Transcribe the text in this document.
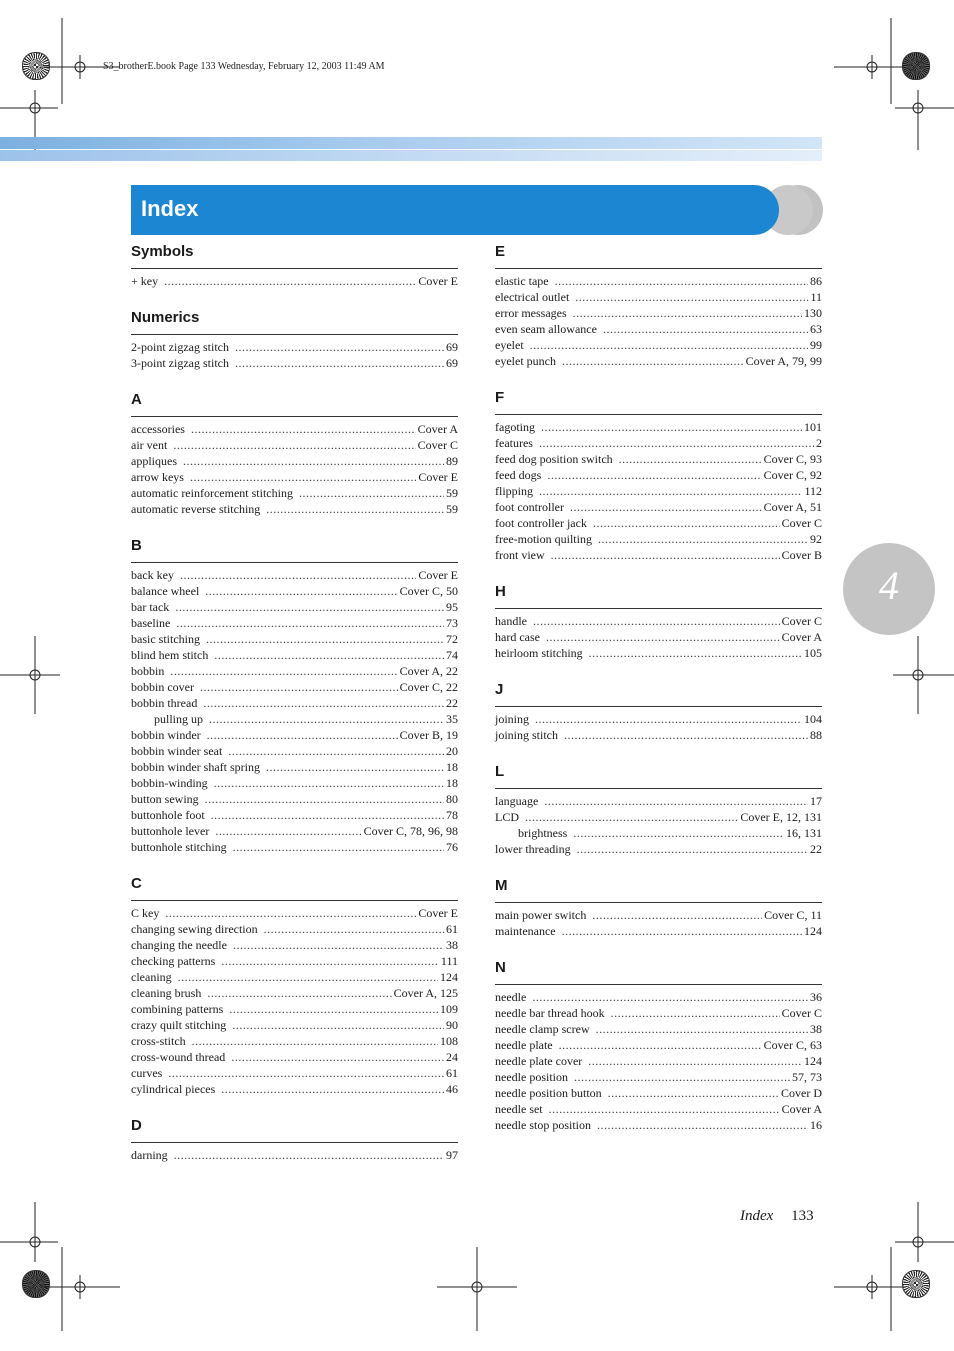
S3_brotherE.book Page 133 Wednesday, February 12, 2003 11:49 AM
Index
4
Symbols
+ key .....	Cover E
Numerics
2-point zigzag stitch .....	69
3-point zigzag stitch .....	69
A
accessories .....	Cover A
air vent .....	Cover C
appliques .....	89
arrow keys .....	Cover E
automatic reinforcement stitching .....	59
automatic reverse stitching .....	59
B
back key .....	Cover E
balance wheel .....	Cover C, 50
bar tack .....	95
baseline .....	73
basic stitching .....	72
blind hem stitch .....	74
bobbin .....	Cover A, 22
bobbin cover .....	Cover C, 22
bobbin thread .....	22
pulling up .....	35
bobbin winder .....	Cover B, 19
bobbin winder seat .....	20
bobbin winder shaft spring .....	18
bobbin-winding .....	18
button sewing .....	80
buttonhole foot .....	78
buttonhole lever .....	Cover C, 78, 96, 98
buttonhole stitching .....	76
C
C key .....	Cover E
changing sewing direction .....	61
changing the needle .....	38
checking patterns .....	111
cleaning .....	124
cleaning brush .....	Cover A, 125
combining patterns .....	109
crazy quilt stitching .....	90
cross-stitch .....	108
cross-wound thread .....	24
curves .....	61
cylindrical pieces .....	46
D
darning .....	97
E
elastic tape .....	86
electrical outlet .....	11
error messages .....	130
even seam allowance .....	63
eyelet .....	99
eyelet punch .....	Cover A, 79, 99
F
fagoting .....	101
features .....	2
feed dog position switch .....	Cover C, 93
feed dogs .....	Cover C, 92
flipping .....	112
foot controller .....	Cover A, 51
foot controller jack .....	Cover C
free-motion quilting .....	92
front view .....	Cover B
H
handle .....	Cover C
hard case .....	Cover A
heirloom stitching .....	105
J
joining .....	104
joining stitch .....	88
L
language .....	17
LCD .....	Cover E, 12, 131
brightness .....	16, 131
lower threading .....	22
M
main power switch .....	Cover C, 11
maintenance .....	124
N
needle .....	36
needle bar thread hook .....	Cover C
needle clamp screw .....	38
needle plate .....	Cover C, 63
needle plate cover .....	124
needle position .....	57, 73
needle position button .....	Cover D
needle set .....	Cover A
needle stop position .....	16
Index 133
